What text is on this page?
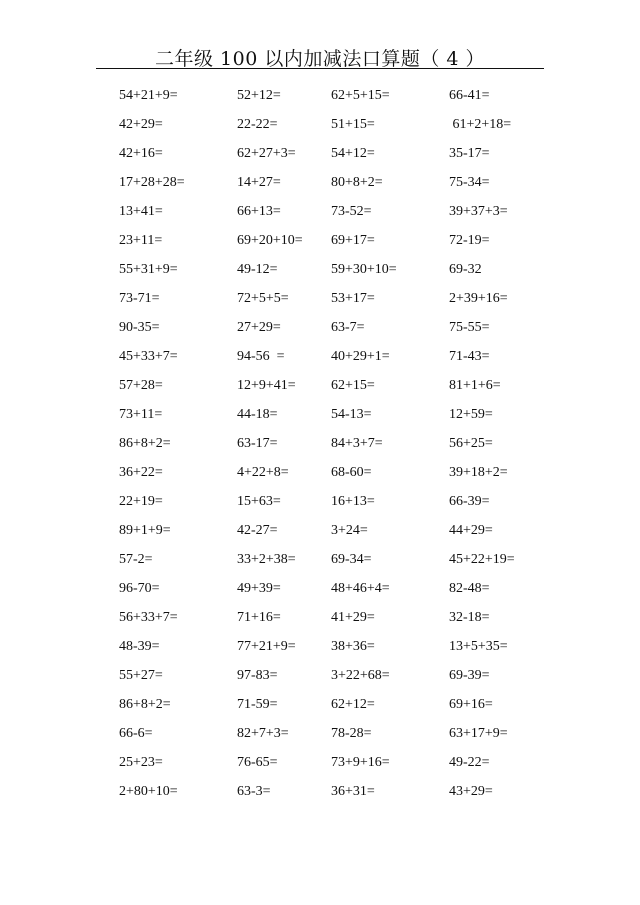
二年级 100 以内加减法口算题（ 4 ）
54+21+9=	52+12=	62+5+15=	66-41=
42+29=	22-22=	51+15=	61+2+18=
42+16=	62+27+3=	54+12=	35-17=
17+28+28=	14+27=	80+8+2=	75-34=
13+41=	66+13=	73-52=	39+37+3=
23+11=	69+20+10= 69+17=	72-19=
55+31+9=	49-12=	59+30+10=	69-32
73-71=	72+5+5=	53+17=	2+39+16=
90-35=	27+29=	63-7=	75-55=
45+33+7=	94-56  =	40+29+1=	71-43=
57+28=	12+9+41=	62+15=	81+1+6=
73+11=	44-18=	54-13=	12+59=
86+8+2=	63-17=	84+3+7=	56+25=
36+22=	4+22+8=	68-60=	39+18+2=
22+19=	15+63=	16+13=	66-39=
89+1+9=	42-27=	3+24=	44+29=
57-2=	33+2+38=	69-34=	45+22+19=
96-70=	49+39=	48+46+4=	82-48=
56+33+7=	71+16=	41+29=	32-18=
48-39=	77+21+9=	38+36=	13+5+35=
55+27=	97-83=	3+22+68=	69-39=
86+8+2=	71-59=	62+12=	69+16=
66-6=	82+7+3=	78-28=	63+17+9=
25+23=	76-65=	73+9+16=	49-22=
2+80+10=	63-3=	36+31=	43+29=
